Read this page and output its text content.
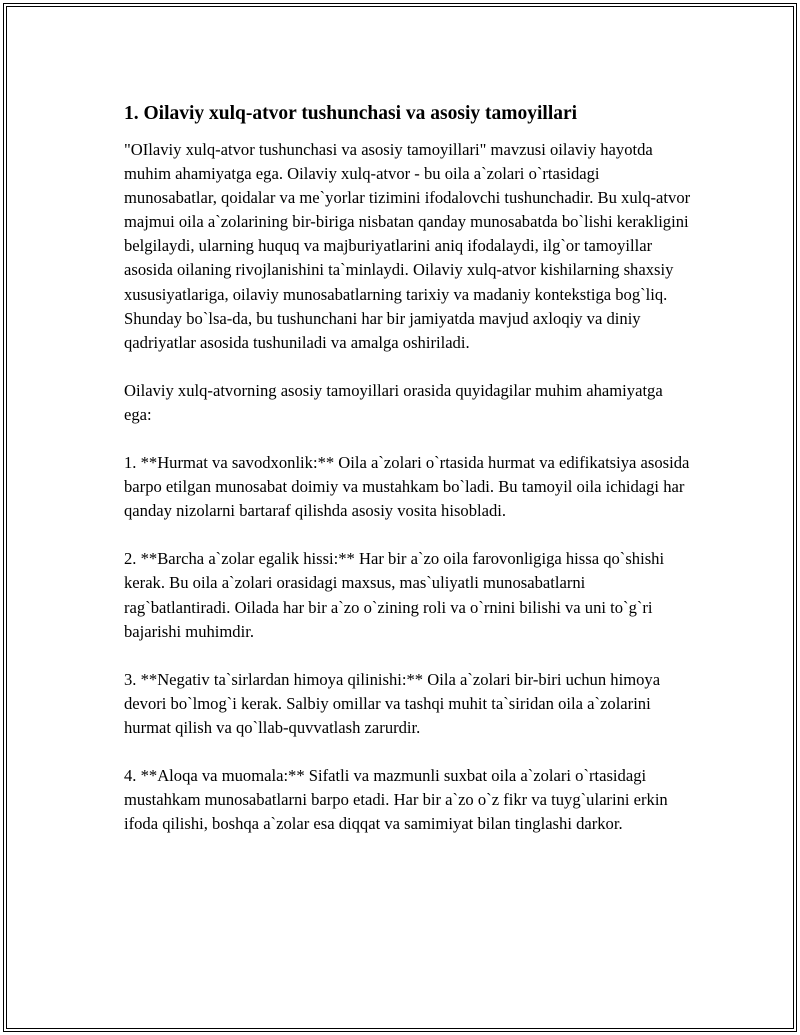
1. Oilaviy xulq-atvor tushunchasi va asosiy tamoyillari

"OIlaviy xulq-atvor tushunchasi va asosiy tamoyillari" mavzusi oilaviy hayotda muhim ahamiyatga ega. Oilaviy xulq-atvor - bu oila a`zolari o`rtasidagi munosabatlar, qoidalar va me`yorlar tizimini ifodalovchi tushunchadir. Bu xulq-atvor majmui oila a`zolarining bir-biriga nisbatan qanday munosabatda bo`lishi kerakligini belgilaydi, ularning huquq va majburiyatlarini aniq ifodalaydi, ilg`or tamoyillar asosida oilaning rivojlanishini ta`minlaydi. Oilaviy xulq-atvor kishilarning shaxsiy xususiyatlariga, oilaviy munosabatlarning tarixiy va madaniy kontekstiga bog`liq. Shunday bo`lsa-da, bu tushunchani har bir jamiyatda mavjud axloqiy va diniy qadriyatlar asosida tushuniladi va amalga oshiriladi.

Oilaviy xulq-atvorning asosiy tamoyillari orasida quyidagilar muhim ahamiyatga ega:

1. **Hurmat va savodxonlik:** Oila a`zolari o`rtasida hurmat va edifikatsiya asosida barpo etilgan munosabat doimiy va mustahkam bo`ladi. Bu tamoyil oila ichidagi har qanday nizolarni bartaraf qilishda asosiy vosita hisobladi.

2. **Barcha a`zolar egalik hissi:** Har bir a`zo oila farovonligiga hissa qo`shishi kerak. Bu oila a`zolari orasidagi maxsus, mas`uliyatli munosabatlarni rag`batlantiradi. Oilada har bir a`zo o`zining roli va o`rnini bilishi va uni to`g`ri bajarishi muhimdir.

3. **Negativ ta`sirlardan himoya qilinishi:** Oila a`zolari bir-biri uchun himoya devori bo`lmog`i kerak. Salbiy omillar va tashqi muhit ta`siridan oila a`zolarini hurmat qilish va qo`llab-quvvatlash zarurdir.

4. **Aloqa va muomala:** Sifatli va mazmunli suxbat oila a`zolari o`rtasidagi mustahkam munosabatlarni barpo etadi. Har bir a`zo o`z fikr va tuyg`ularini erkin ifoda qilishi, boshqa a`zolar esa diqqat va samimiyat bilan tinglashi darkor.
